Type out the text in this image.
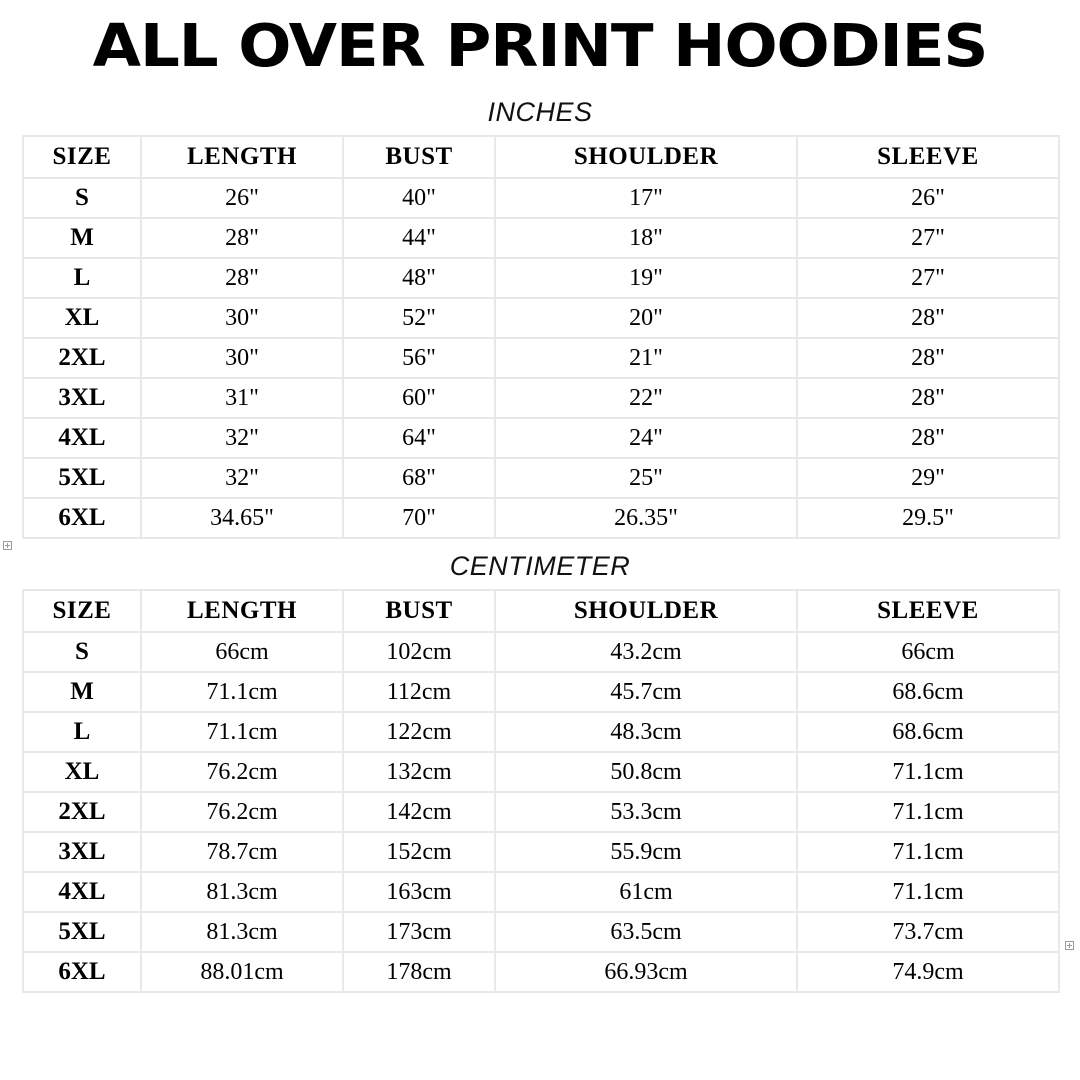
ALL OVER PRINT HOODIES
INCHES
SIZE	LENGTH	BUST	SHOULDER	SLEEVE
S	26"	40"	17"	26"
M	28"	44"	18"	27"
L	28"	48"	19"	27"
XL	30"	52"	20"	28"
2XL	30"	56"	21"	28"
3XL	31"	60"	22"	28"
4XL	32"	64"	24"	28"
5XL	32"	68"	25"	29"
6XL	34.65"	70"	26.35"	29.5"
CENTIMETER
SIZE	LENGTH	BUST	SHOULDER	SLEEVE
S	66cm	102cm	43.2cm	66cm
M	71.1cm	112cm	45.7cm	68.6cm
L	71.1cm	122cm	48.3cm	68.6cm
XL	76.2cm	132cm	50.8cm	71.1cm
2XL	76.2cm	142cm	53.3cm	71.1cm
3XL	78.7cm	152cm	55.9cm	71.1cm
4XL	81.3cm	163cm	61cm	71.1cm
5XL	81.3cm	173cm	63.5cm	73.7cm
6XL	88.01cm	178cm	66.93cm	74.9cm
